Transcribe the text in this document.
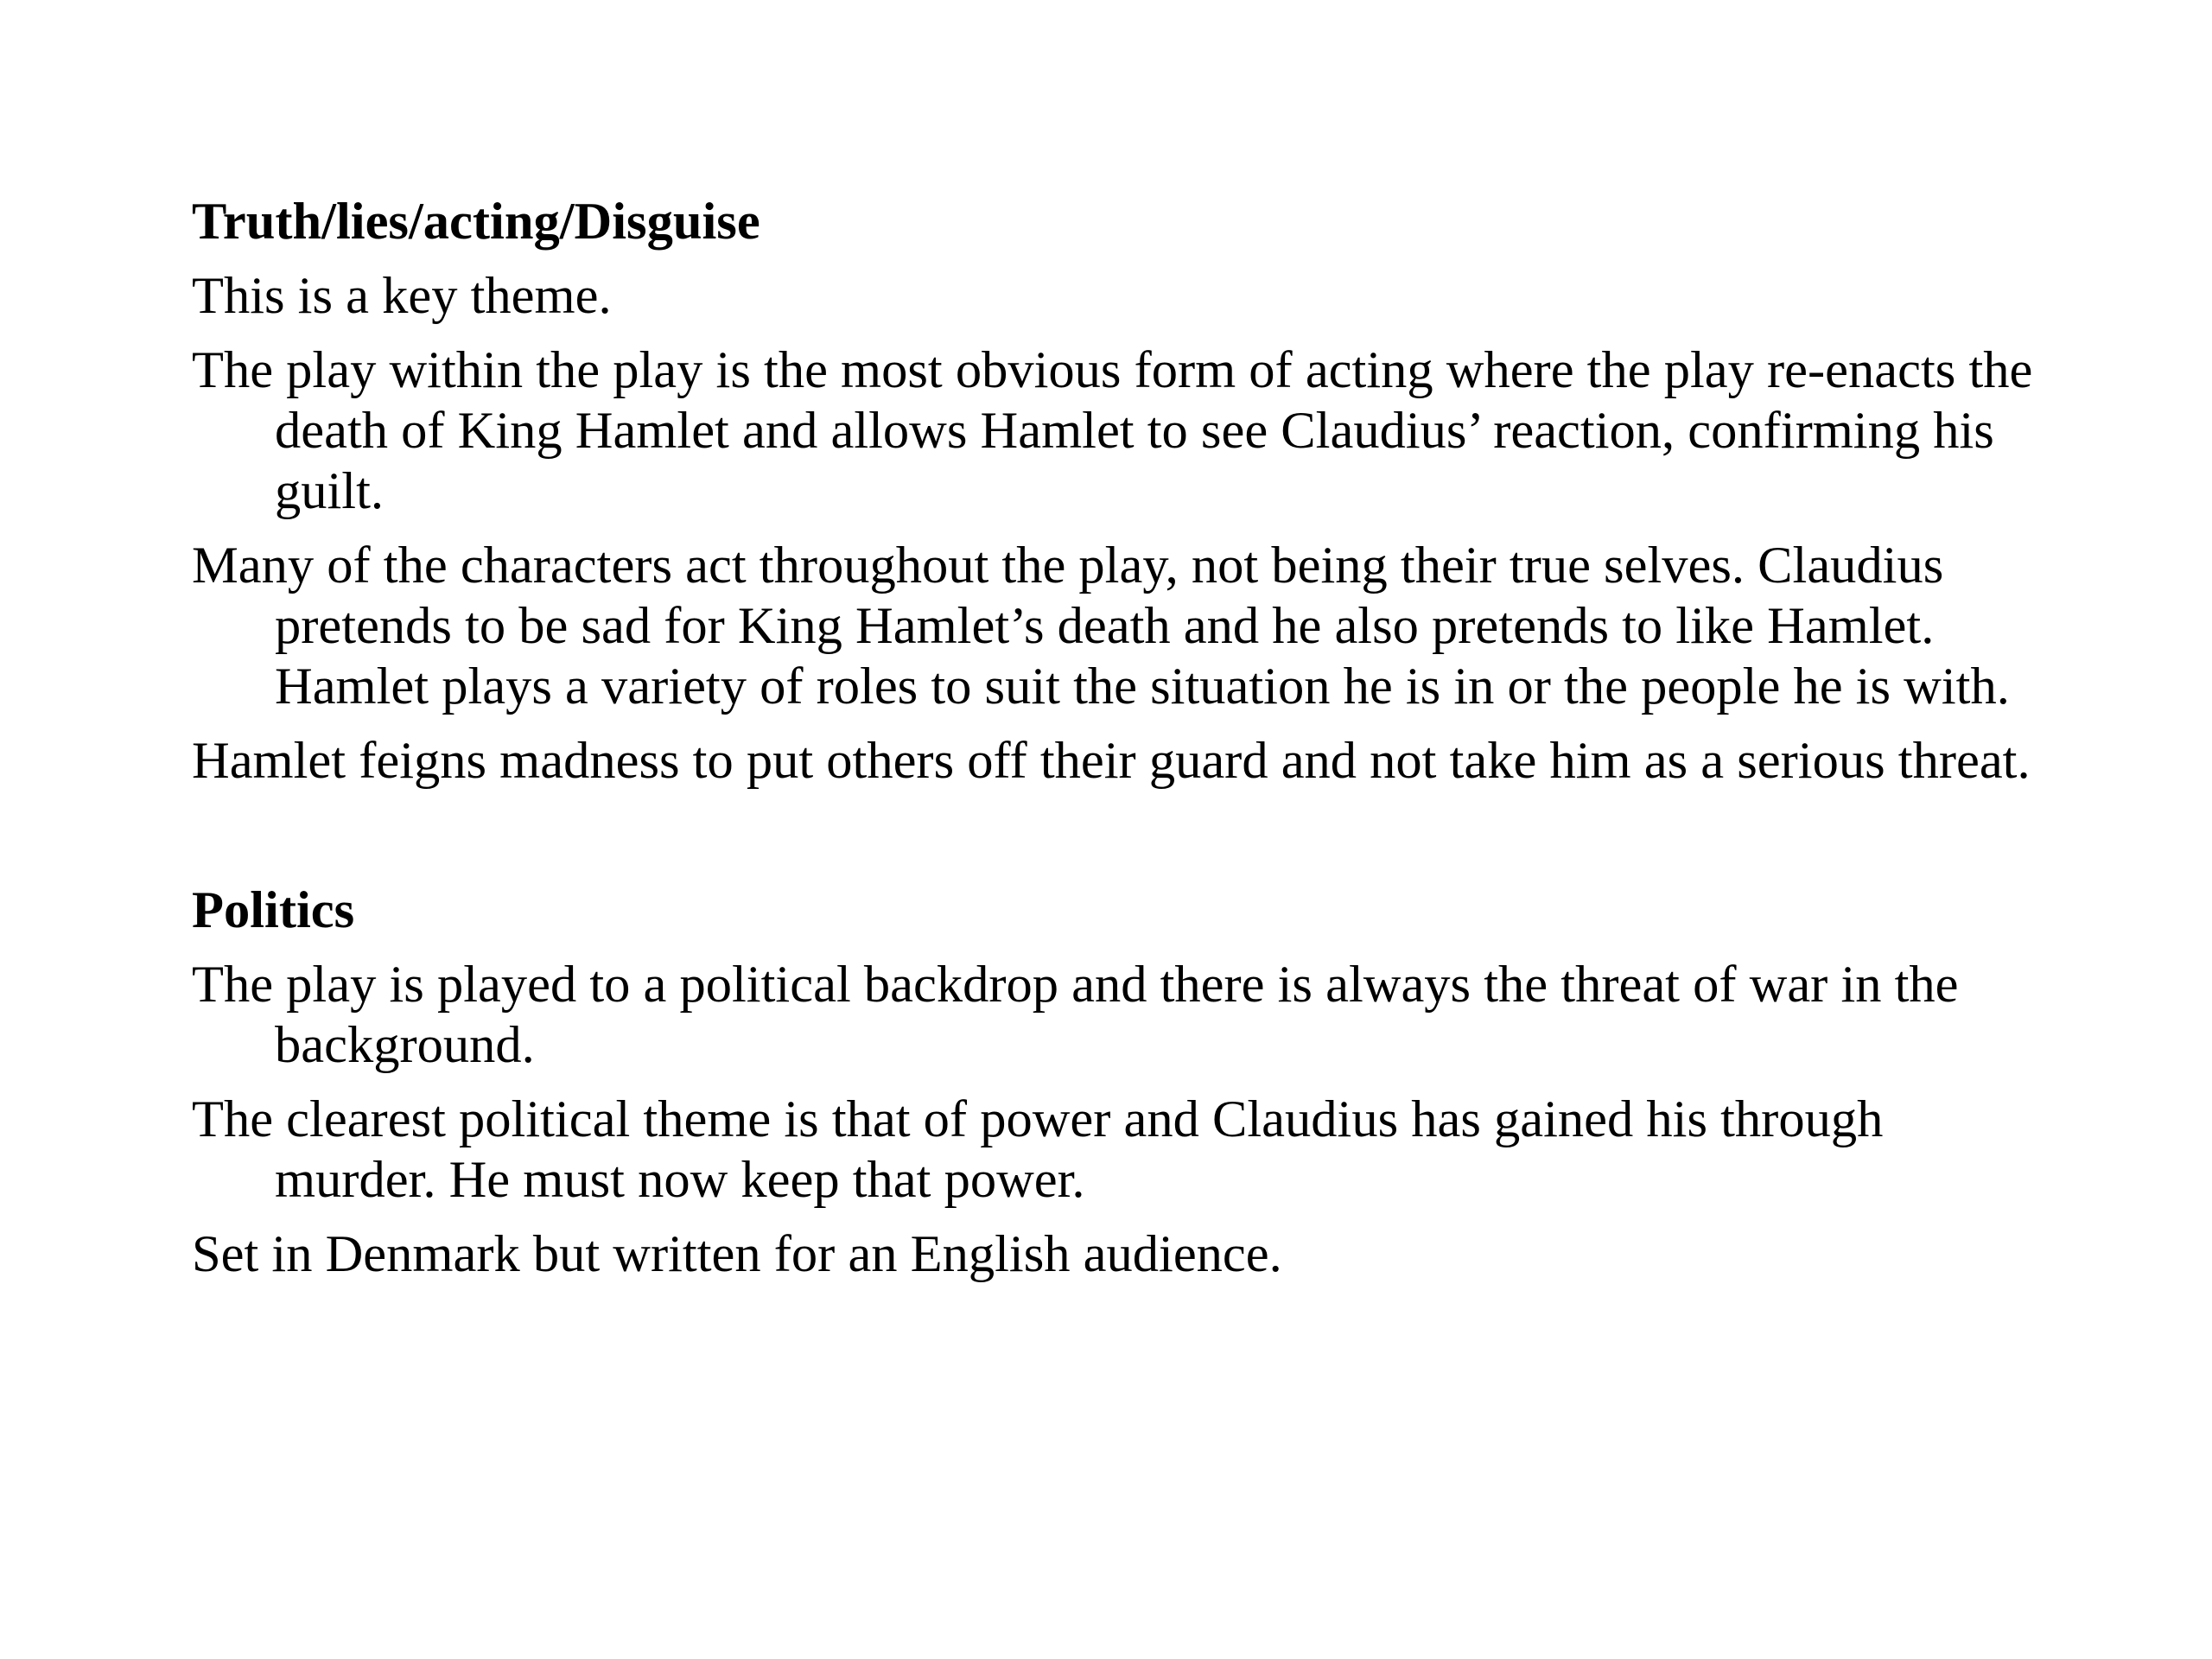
Truth/lies/acting/Disguise

This is a key theme.

The play within the play is the most obvious form of acting where the play re-enacts the death of King Hamlet and allows Hamlet to see Claudius’ reaction, confirming his guilt.

Many of the characters act throughout the play, not being their true selves. Claudius pretends to be sad for King Hamlet’s death and he also pretends to like Hamlet. Hamlet plays a variety of roles to suit the situation he is in or the people he is with.

Hamlet feigns madness to put others off their guard and not take him as a serious threat.

Politics

The play is played to a political backdrop and there is always the threat of war in the background.

The clearest political theme is that of power and Claudius has gained his through murder. He must now keep that power.

Set in Denmark but written for an English audience.
